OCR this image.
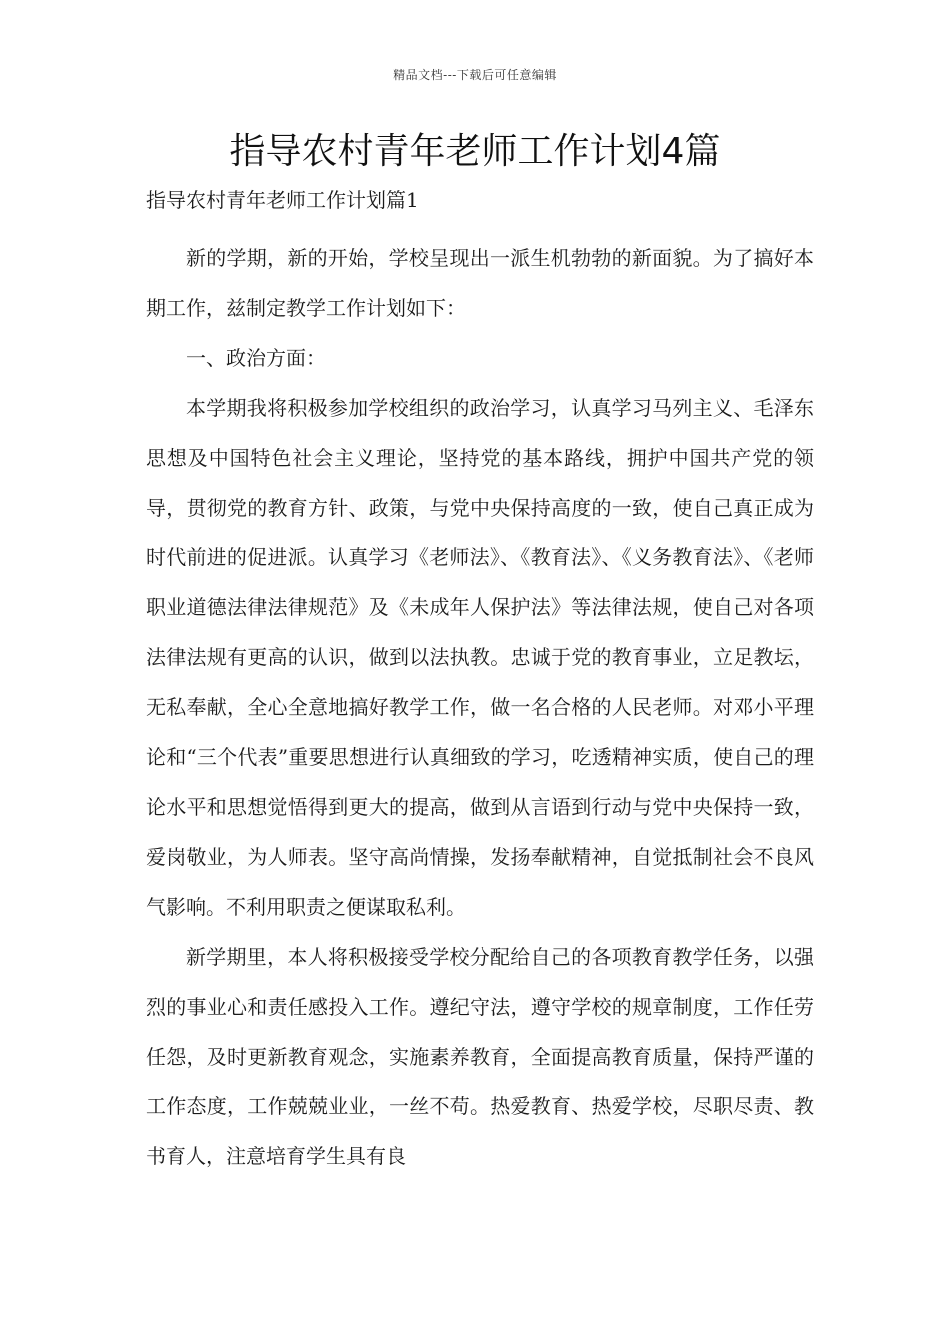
精品文档---下载后可任意编辑
指导农村青年老师工作计划4篇
指导农村青年老师工作计划篇1

新的学期，新的开始，学校呈现出一派生机勃勃的新面貌。为了搞好本期工作，兹制定教学工作计划如下：

一、政治方面：

本学期我将积极参加学校组织的政治学习，认真学习马列主义、毛泽东思想及中国特色社会主义理论，坚持党的基本路线，拥护中国共产党的领导，贯彻党的教育方针、政策，与党中央保持高度的一致，使自己真正成为时代前进的促进派。认真学习《老师法》、《教育法》、《义务教育法》、《老师职业道德法律法律规范》及《未成年人保护法》等法律法规，使自己对各项法律法规有更高的认识，做到以法执教。忠诚于党的教育事业，立足教坛，无私奉献，全心全意地搞好教学工作，做一名合格的人民老师。对邓小平理论和“三个代表”重要思想进行认真细致的学习，吃透精神实质，使自己的理论水平和思想觉悟得到更大的提高，做到从言语到行动与党中央保持一致，爱岗敬业，为人师表。坚守高尚情操，发扬奉献精神，自觉抵制社会不良风气影响。不利用职责之便谋取私利。

新学期里，本人将积极接受学校分配给自己的各项教育教学任务，以强烈的事业心和责任感投入工作。遵纪守法，遵守学校的规章制度，工作任劳任怨，及时更新教育观念，实施素养教育，全面提高教育质量，保持严谨的工作态度，工作兢兢业业，一丝不苟。热爱教育、热爱学校，尽职尽责、教书育人，注意培育学生具有良
